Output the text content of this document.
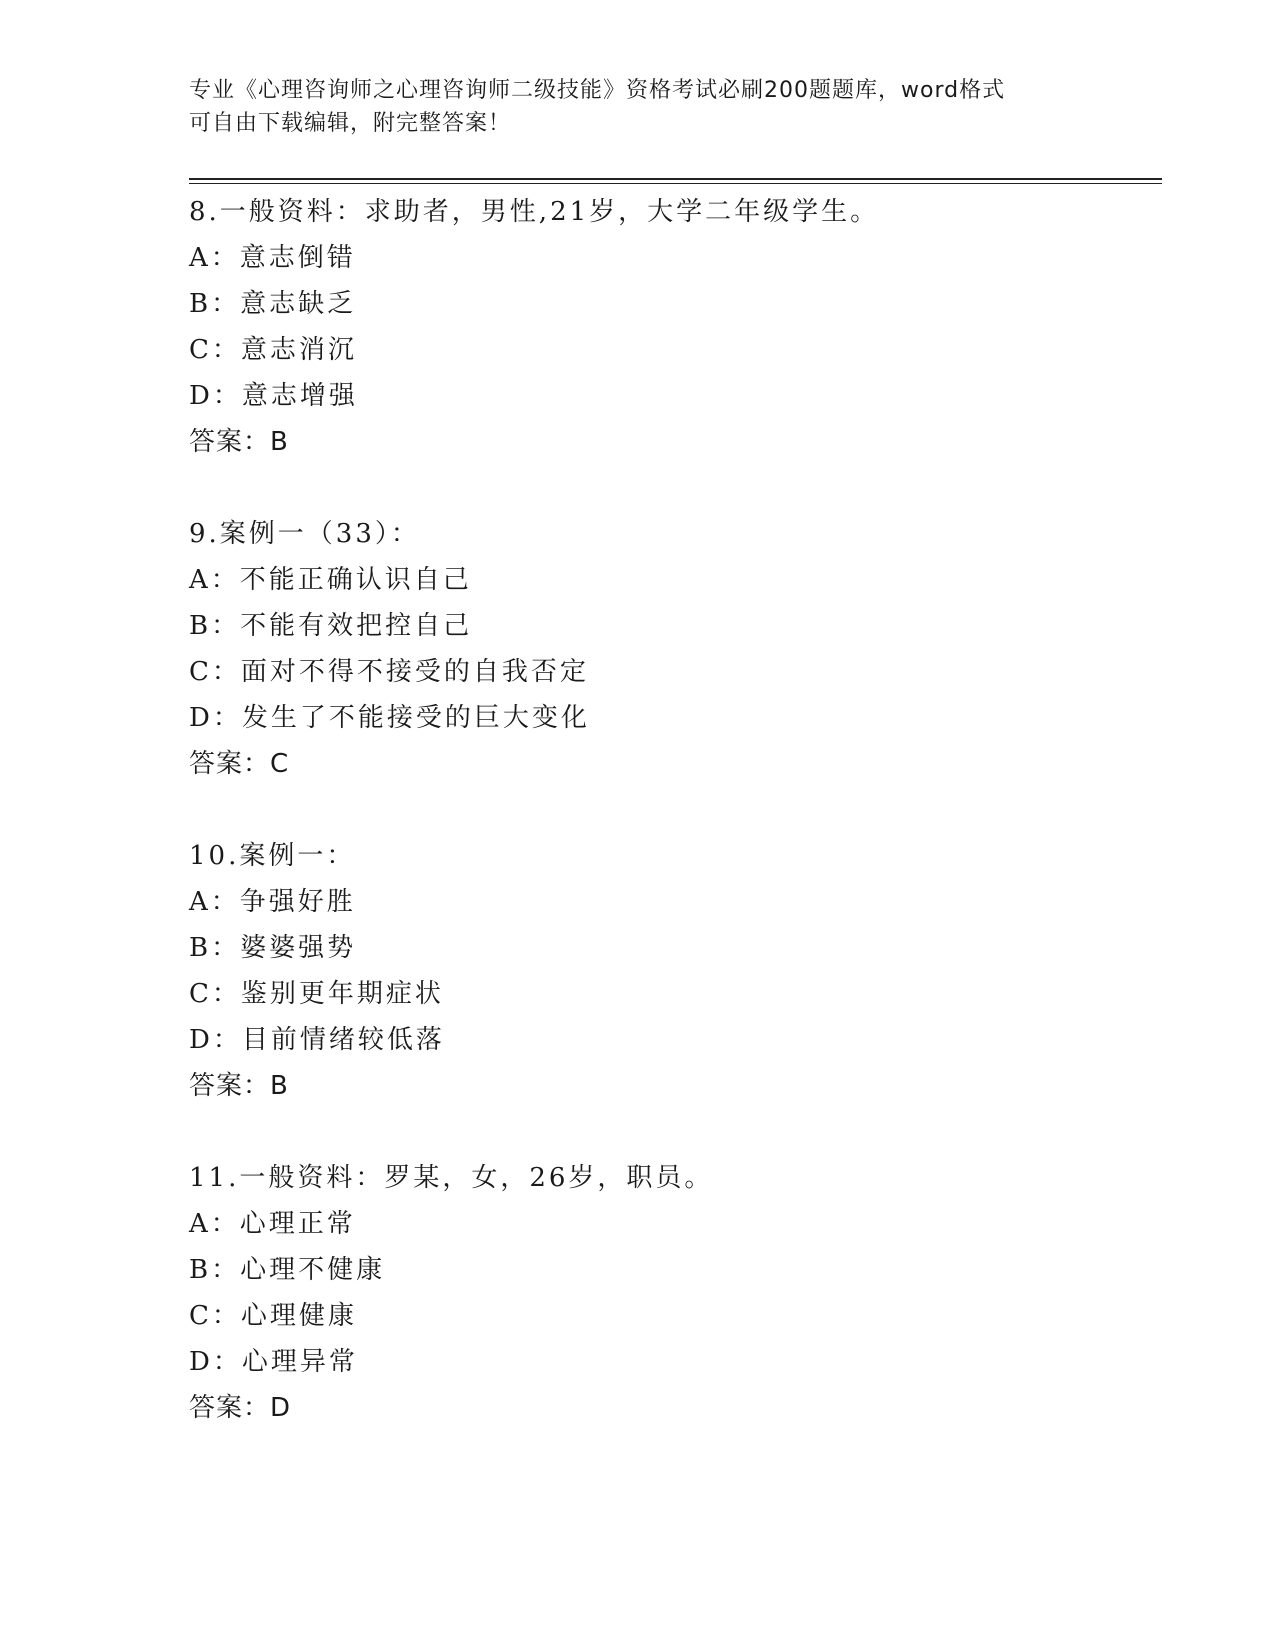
专业《心理咨询师之心理咨询师二级技能》资格考试必刷200题题库，word格式
可自由下载编辑，附完整答案！
8.一般资料：求助者，男性,21岁，大学二年级学生。
A：意志倒错
B：意志缺乏
C：意志消沉
D：意志增强
答案：B
9.案例一（33）：
A：不能正确认识自己
B：不能有效把控自己
C：面对不得不接受的自我否定
D：发生了不能接受的巨大变化
答案：C
10.案例一：
A：争强好胜
B：婆婆强势
C：鉴别更年期症状
D：目前情绪较低落
答案：B
11.一般资料：罗某，女，26岁，职员。
A：心理正常
B：心理不健康
C：心理健康
D：心理异常
答案：D
